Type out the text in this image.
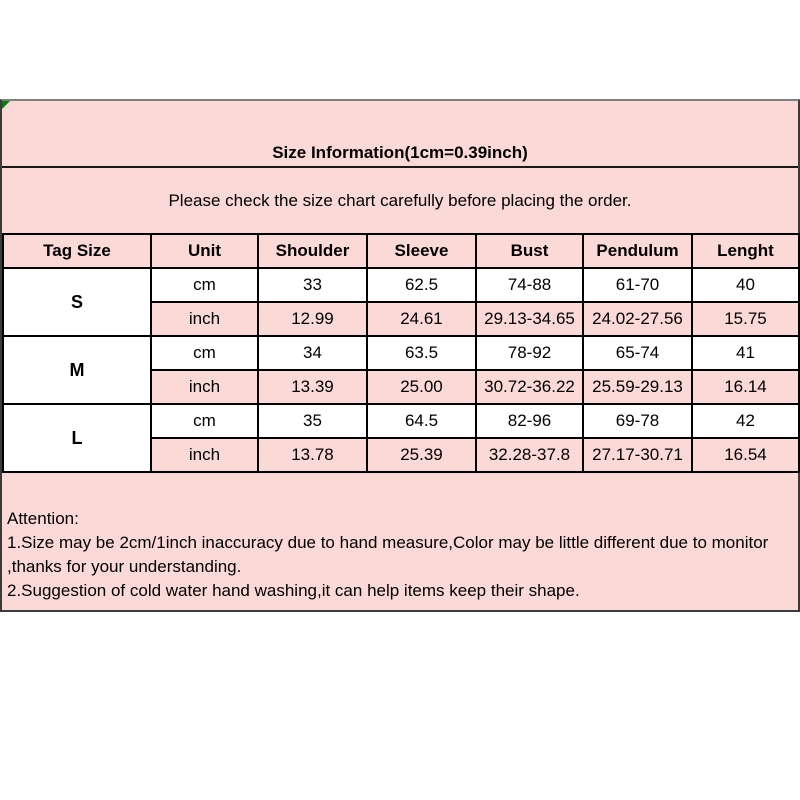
Size Information(1cm=0.39inch)
Please check the size chart carefully before placing the order.
Tag Size	Unit	Shoulder	Sleeve	Bust	Pendulum	Lenght
S	cm	33	62.5	74-88	61-70	40
	inch	12.99	24.61	29.13-34.65	24.02-27.56	15.75
M	cm	34	63.5	78-92	65-74	41
	inch	13.39	25.00	30.72-36.22	25.59-29.13	16.14
L	cm	35	64.5	82-96	69-78	42
	inch	13.78	25.39	32.28-37.8	27.17-30.71	16.54
Attention:
1.Size may be 2cm/1inch inaccuracy due to hand measure,Color may be little different due to monitor
,thanks for your understanding.
2.Suggestion of cold water hand washing,it can help items keep their shape.
